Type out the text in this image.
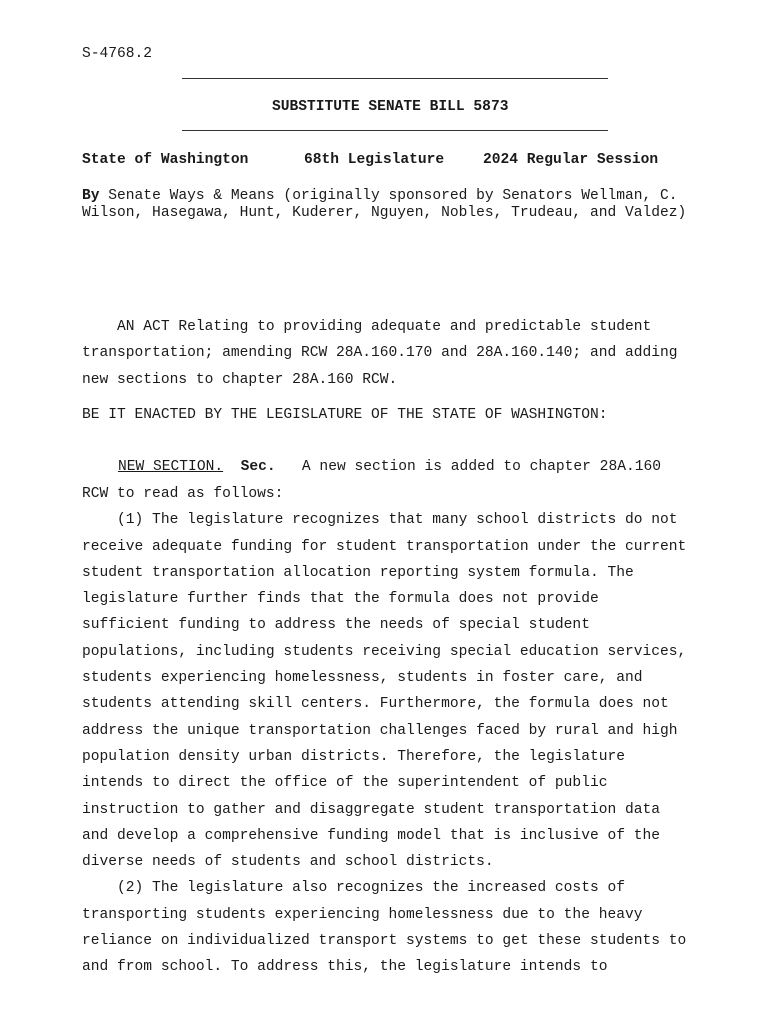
S-4768.2
SUBSTITUTE SENATE BILL 5873
State of Washington	68th Legislature	2024 Regular Session
By Senate Ways & Means (originally sponsored by Senators Wellman, C.
Wilson, Hasegawa, Hunt, Kuderer, Nguyen, Nobles, Trudeau, and Valdez)
AN ACT Relating to providing adequate and predictable student
transportation; amending RCW 28A.160.170 and 28A.160.140; and adding
new sections to chapter 28A.160 RCW.
BE IT ENACTED BY THE LEGISLATURE OF THE STATE OF WASHINGTON:
NEW SECTION. Sec. A new section is added to chapter 28A.160
RCW to read as follows:
(1) The legislature recognizes that many school districts do not
receive adequate funding for student transportation under the current
student transportation allocation reporting system formula. The
legislature further finds that the formula does not provide
sufficient funding to address the needs of special student
populations, including students receiving special education services,
students experiencing homelessness, students in foster care, and
students attending skill centers. Furthermore, the formula does not
address the unique transportation challenges faced by rural and high
population density urban districts. Therefore, the legislature
intends to direct the office of the superintendent of public
instruction to gather and disaggregate student transportation data
and develop a comprehensive funding model that is inclusive of the
diverse needs of students and school districts.
(2) The legislature also recognizes the increased costs of
transporting students experiencing homelessness due to the heavy
reliance on individualized transport systems to get these students to
and from school. To address this, the legislature intends to
